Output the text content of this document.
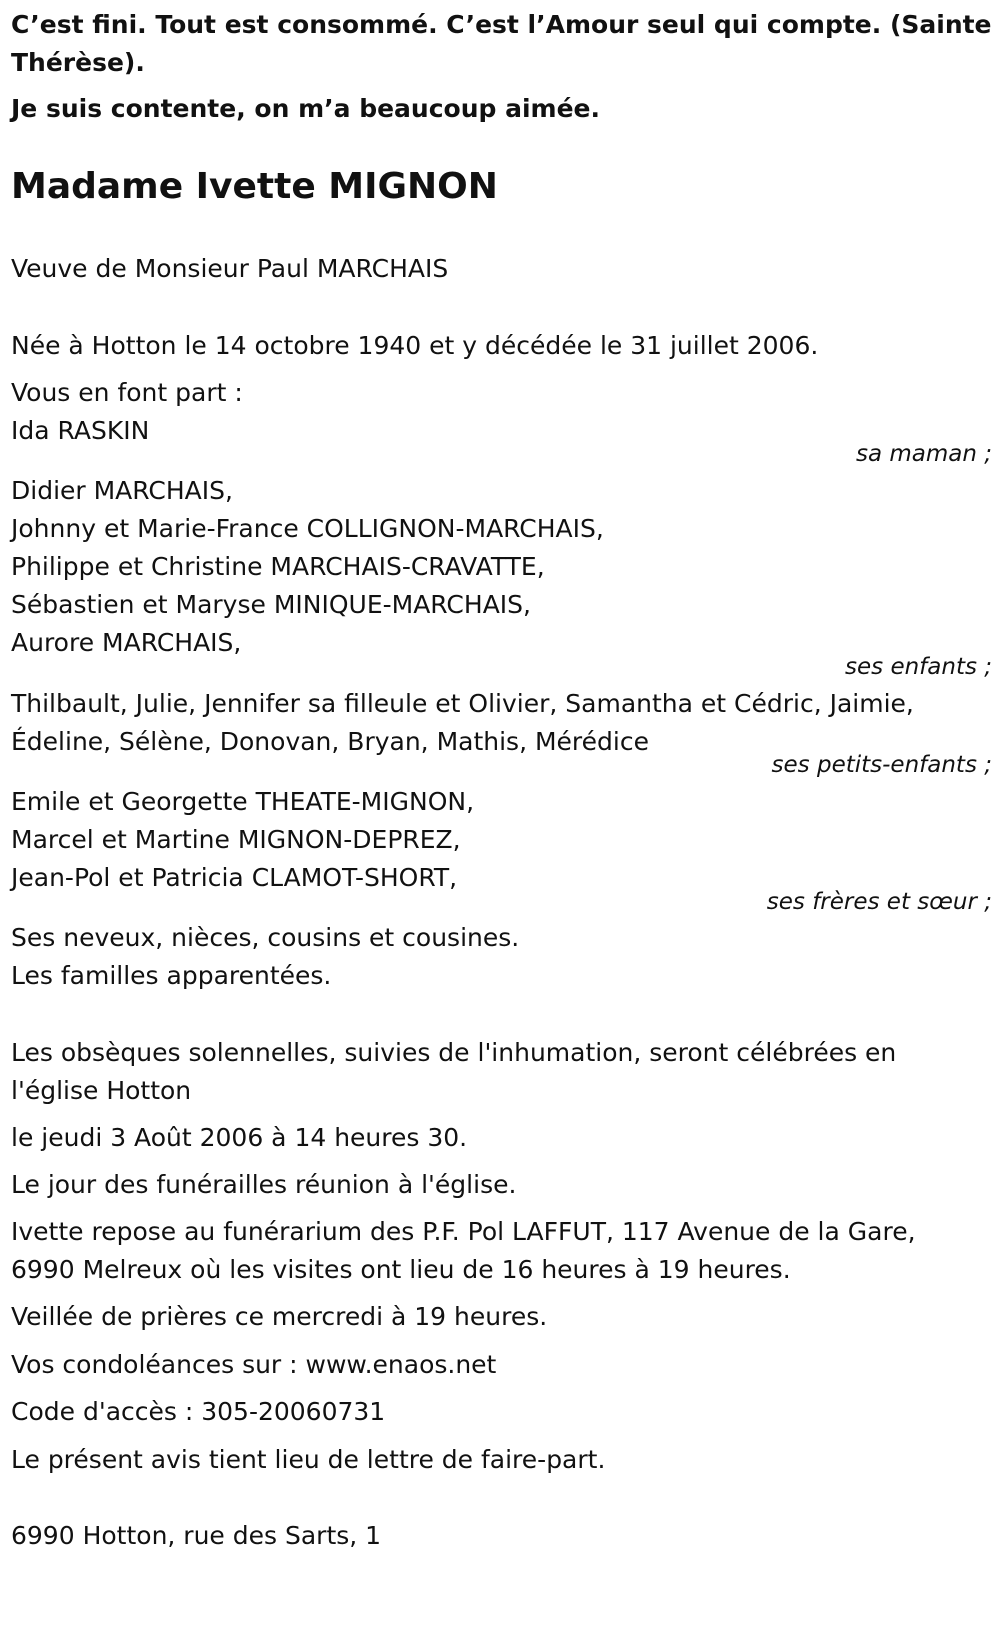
C’est fini. Tout est consommé. C’est l’Amour seul qui compte. (Sainte
Thérèse).
Je suis contente, on m’a beaucoup aimée.
Madame Ivette MIGNON
Veuve de Monsieur Paul MARCHAIS
Née à Hotton le 14 octobre 1940 et y décédée le 31 juillet 2006.
Vous en font part :
Ida RASKIN
sa maman ;
Didier MARCHAIS,
Johnny et Marie-France COLLIGNON-MARCHAIS,
Philippe et Christine MARCHAIS-CRAVATTE,
Sébastien et Maryse MINIQUE-MARCHAIS,
Aurore MARCHAIS,
ses enfants ;
Thilbault, Julie, Jennifer sa filleule et Olivier, Samantha et Cédric, Jaimie,
Édeline, Sélène, Donovan, Bryan, Mathis, Mérédice
ses petits-enfants ;
Emile et Georgette THEATE-MIGNON,
Marcel et Martine MIGNON-DEPREZ,
Jean-Pol et Patricia CLAMOT-SHORT,
ses frères et sœur ;
Ses neveux, nièces, cousins et cousines.
Les familles apparentées.
Les obsèques solennelles, suivies de l'inhumation, seront célébrées en
l'église Hotton
le jeudi 3 Août 2006 à 14 heures 30.
Le jour des funérailles réunion à l'église.
Ivette repose au funérarium des P.F. Pol LAFFUT, 117 Avenue de la Gare,
6990 Melreux où les visites ont lieu de 16 heures à 19 heures.
Veillée de prières ce mercredi à 19 heures.
Vos condoléances sur : www.enaos.net
Code d'accès : 305-20060731
Le présent avis tient lieu de lettre de faire-part.
6990 Hotton, rue des Sarts, 1
